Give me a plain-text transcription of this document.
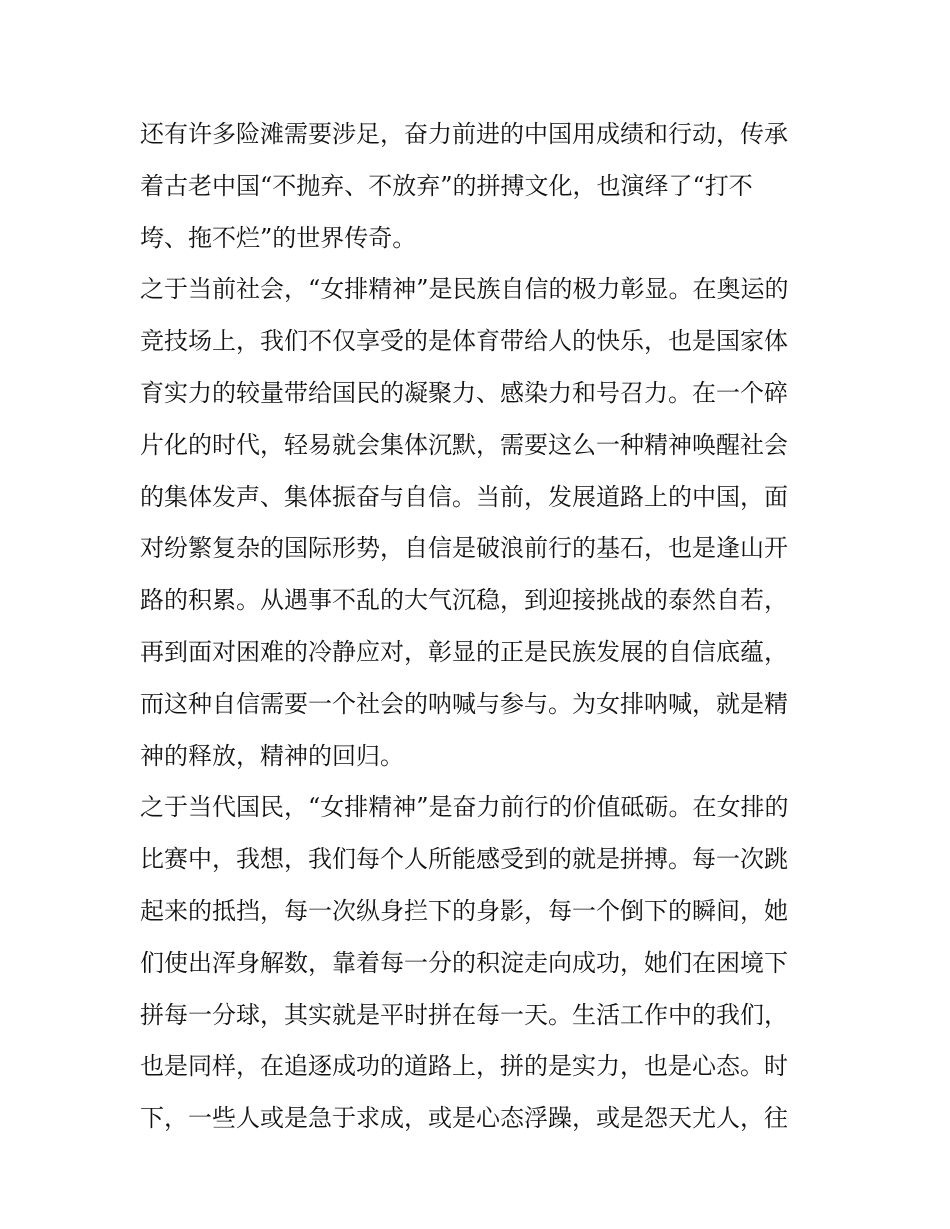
还有许多险滩需要涉足，奋力前进的中国用成绩和行动，传承
着古老中国“不抛弃、不放弃”的拼搏文化，也演绎了“打不
垮、拖不烂”的世界传奇。
之于当前社会，“女排精神”是民族自信的极力彰显。在奥运的
竞技场上，我们不仅享受的是体育带给人的快乐，也是国家体
育实力的较量带给国民的凝聚力、感染力和号召力。在一个碎
片化的时代，轻易就会集体沉默，需要这么一种精神唤醒社会
的集体发声、集体振奋与自信。当前，发展道路上的中国，面
对纷繁复杂的国际形势，自信是破浪前行的基石，也是逢山开
路的积累。从遇事不乱的大气沉稳，到迎接挑战的泰然自若，
再到面对困难的冷静应对，彰显的正是民族发展的自信底蕴，
而这种自信需要一个社会的呐喊与参与。为女排呐喊，就是精
神的释放，精神的回归。
之于当代国民，“女排精神”是奋力前行的价值砥砺。在女排的
比赛中，我想，我们每个人所能感受到的就是拼搏。每一次跳
起来的抵挡，每一次纵身拦下的身影，每一个倒下的瞬间，她
们使出浑身解数，靠着每一分的积淀走向成功，她们在困境下
拼每一分球，其实就是平时拼在每一天。生活工作中的我们，
也是同样，在追逐成功的道路上，拼的是实力，也是心态。时
下，一些人或是急于求成，或是心态浮躁，或是怨天尤人，往
